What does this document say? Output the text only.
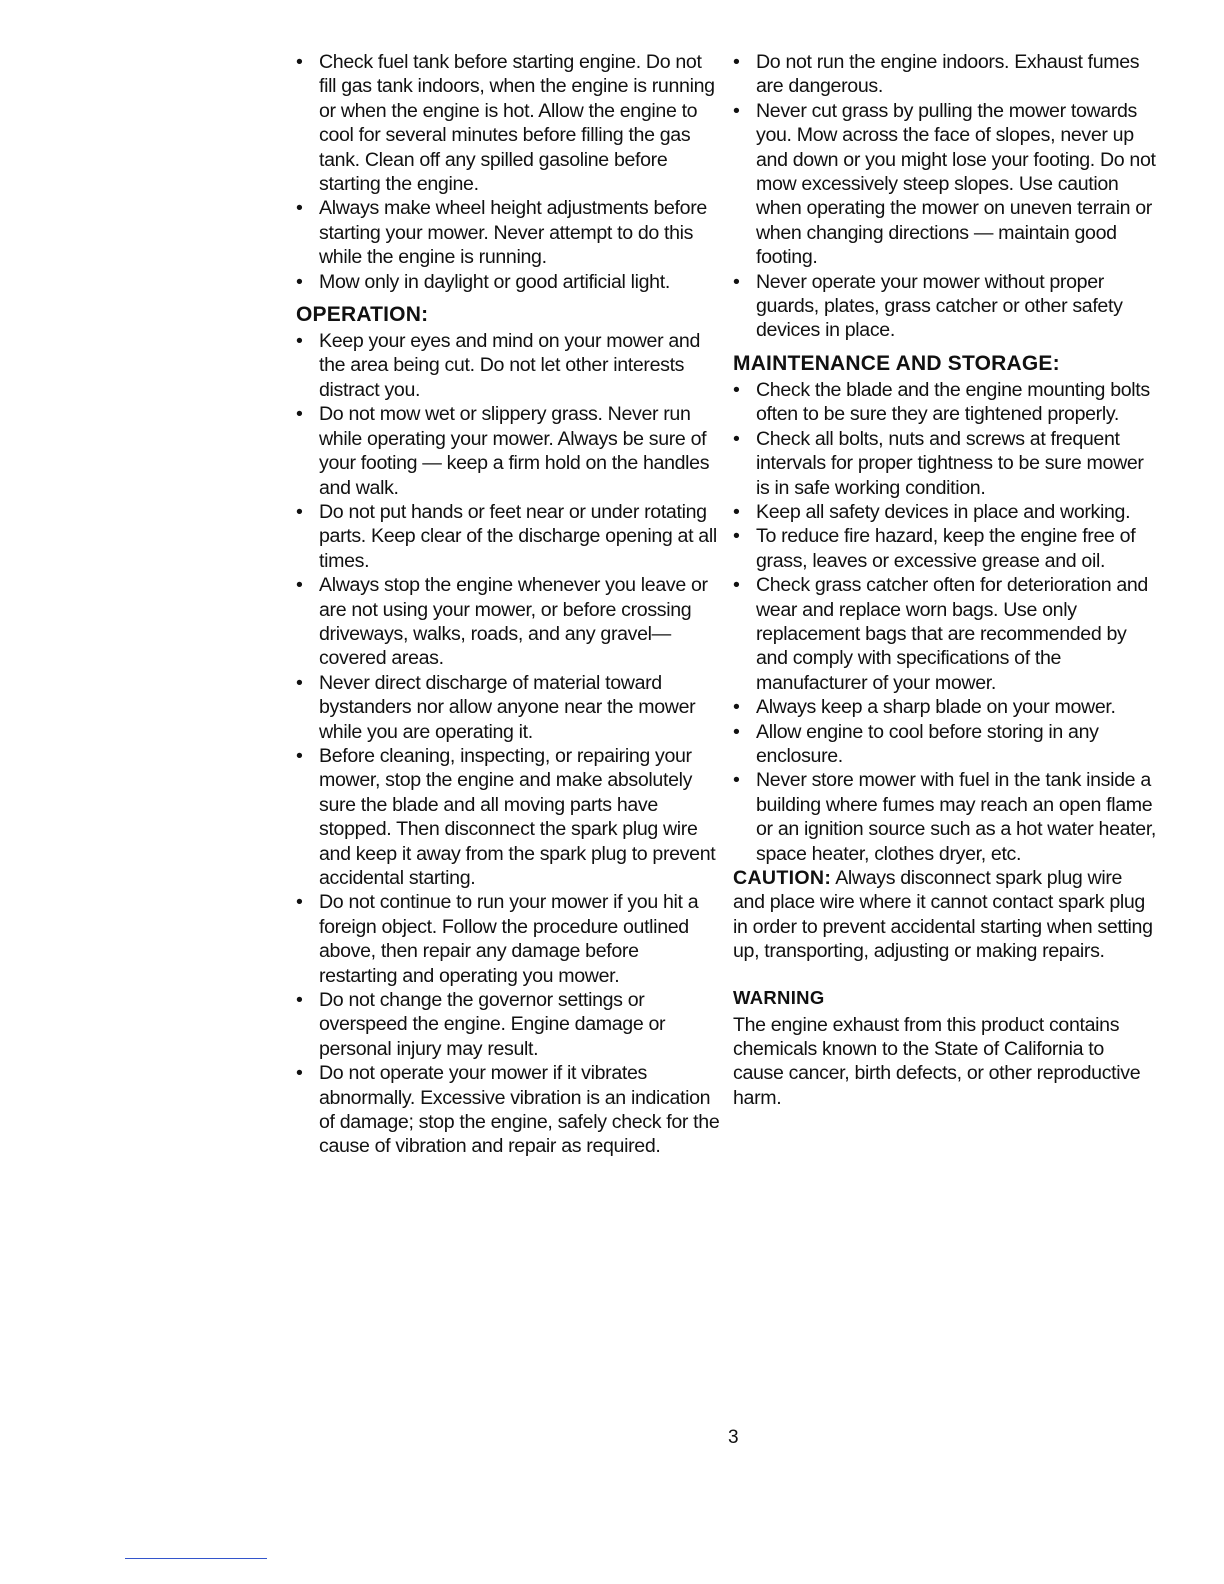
• Check fuel tank before starting engine. Do not fill gas tank indoors, when the engine is running or when the engine is hot. Allow the engine to cool for several minutes before filling the gas tank. Clean off any spilled gasoline before starting the engine.
• Always make wheel height adjustments before starting your mower. Never attempt to do this while the engine is running.
• Mow only in daylight or good artificial light.
OPERATION:
• Keep your eyes and mind on your mower and the area being cut. Do not let other interests distract you.
• Do not mow wet or slippery grass. Never run while operating your mower. Always be sure of your footing — keep a firm hold on the handles and walk.
• Do not put hands or feet near or under rotating parts. Keep clear of the discharge opening at all times.
• Always stop the engine whenever you leave or are not using your mower, or before crossing driveways, walks, roads, and any gravel—covered areas.
• Never direct discharge of material toward bystanders nor allow anyone near the mower while you are operating it.
• Before cleaning, inspecting, or repairing your mower, stop the engine and make absolutely sure the blade and all moving parts have stopped. Then disconnect the spark plug wire and keep it away from the spark plug to prevent accidental starting.
• Do not continue to run your mower if you hit a foreign object. Follow the procedure outlined above, then repair any damage before restarting and operating you mower.
• Do not change the governor settings or overspeed the engine. Engine damage or personal injury may result.
• Do not operate your mower if it vibrates abnormally. Excessive vibration is an indication of damage; stop the engine, safely check for the cause of vibration and repair as required.
• Do not run the engine indoors. Exhaust fumes are dangerous.
• Never cut grass by pulling the mower towards you. Mow across the face of slopes, never up and down or you might lose your footing. Do not mow excessively steep slopes. Use caution when operating the mower on uneven terrain or when changing directions — maintain good footing.
• Never operate your mower without proper guards, plates, grass catcher or other safety devices in place.
MAINTENANCE AND STORAGE:
• Check the blade and the engine mounting bolts often to be sure they are tightened properly.
• Check all bolts, nuts and screws at frequent intervals for proper tightness to be sure mower is in safe working condition.
• Keep all safety devices in place and working.
• To reduce fire hazard, keep the engine free of grass, leaves or excessive grease and oil.
• Check grass catcher often for deterioration and wear and replace worn bags. Use only replacement bags that are recommended by and comply with specifications of the manufacturer of your mower.
• Always keep a sharp blade on your mower.
• Allow engine to cool before storing in any enclosure.
• Never store mower with fuel in the tank inside a building where fumes may reach an open flame or an ignition source such as a hot water heater, space heater, clothes dryer, etc.

CAUTION: Always disconnect spark plug wire and place wire where it cannot contact spark plug in order to prevent accidental starting when setting up, transporting, adjusting or making repairs.

WARNING

The engine exhaust from this product contains chemicals known to the State of California to cause cancer, birth defects, or other reproductive harm.

3
